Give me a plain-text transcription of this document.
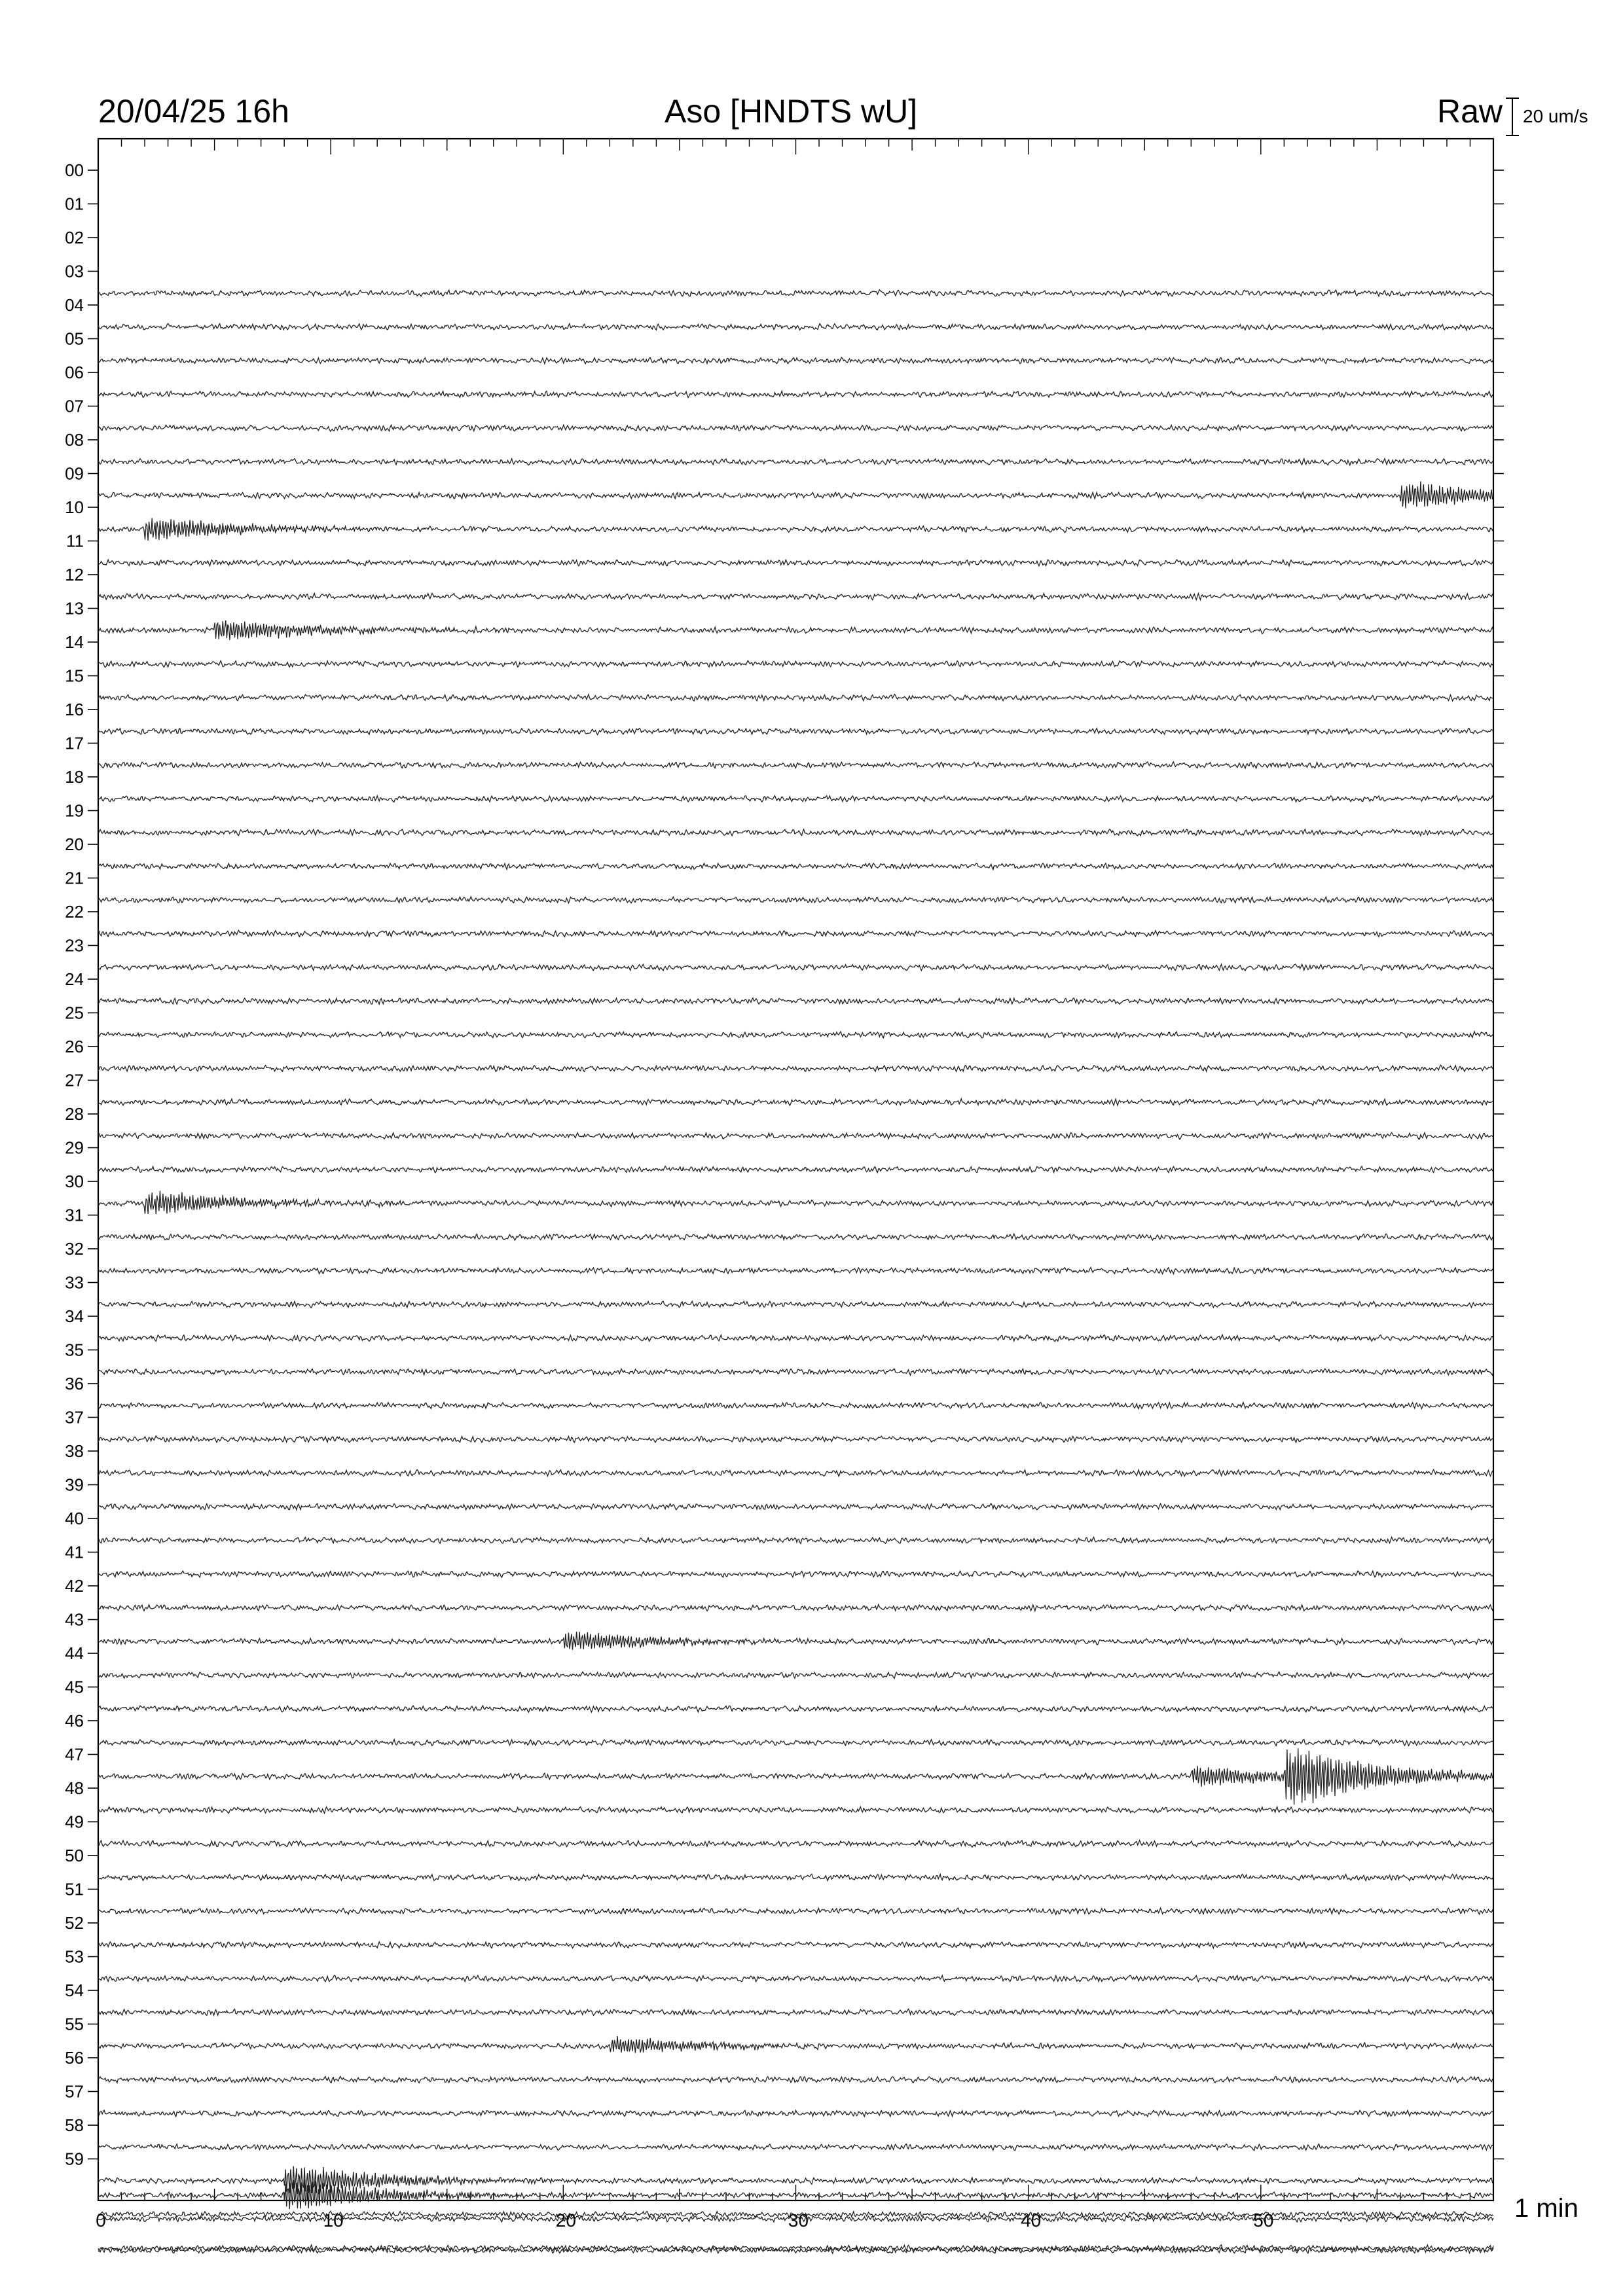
00
01
02
03
04
05
06
07
08
09
10
11
12
13
14
15
16
17
18
19
20
21
22
23
24
25
26
27
28
29
30
31
32
33
34
35
36
37
38
39
40
41
42
43
44
45
46
47
48
49
50
51
52
53
54
55
56
57
58
59
0	10	20	30	40	50
20/04/25 16h	Aso [HNDTS wU]	Raw 20 um/s
1 min
